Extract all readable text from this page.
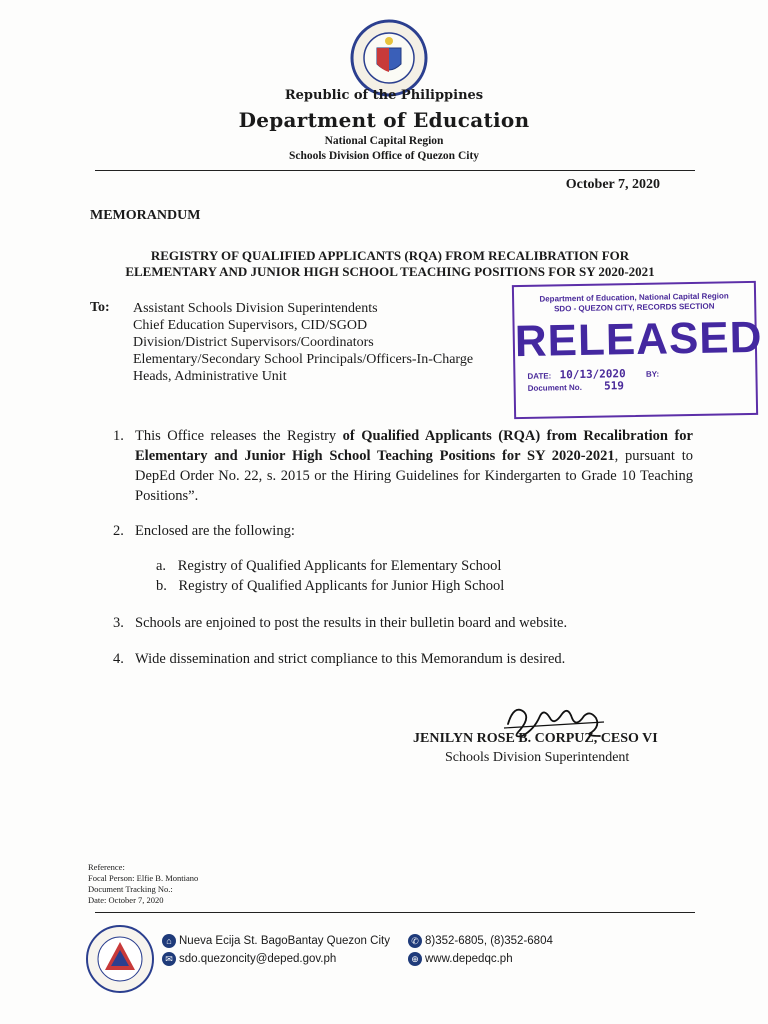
Republic of the Philippines
Department of Education
National Capital Region
Schools Division Office of Quezon City
October 7, 2020
MEMORANDUM
REGISTRY OF QUALIFIED APPLICANTS (RQA) FROM RECALIBRATION FOR
ELEMENTARY AND JUNIOR HIGH SCHOOL TEACHING POSITIONS FOR SY 2020-2021
To: Assistant Schools Division Superintendents
Chief Education Supervisors, CID/SGOD
Division/District Supervisors/Coordinators
Elementary/Secondary School Principals/Officers-In-Charge
Heads, Administrative Unit
Department of Education, National Capital Region
SDO - QUEZON CITY, RECORDS SECTION
RELEASED
DATE: 10/13/2020	BY:
Document No. 519
1. This Office releases the Registry of Qualified Applicants (RQA) from Recalibration for Elementary and Junior High School Teaching Positions for SY 2020-2021, pursuant to DepEd Order No. 22, s. 2015 or the Hiring Guidelines for Kindergarten to Grade 10 Teaching Positions”.
2. Enclosed are the following:
a. Registry of Qualified Applicants for Elementary School
b. Registry of Qualified Applicants for Junior High School
3. Schools are enjoined to post the results in their bulletin board and website.
4. Wide dissemination and strict compliance to this Memorandum is desired.
JENILYN ROSE B. CORPUZ, CESO VI
Schools Division Superintendent
Reference:
Focal Person: Elfie B. Montiano
Document Tracking No.:
Date: October 7, 2020
⌂ Nueva Ecija St. BagoBantay Quezon City
✉ sdo.quezoncity@deped.gov.ph
✆ 8)352-6805, (8)352-6804
⊕ www.depedqc.ph
